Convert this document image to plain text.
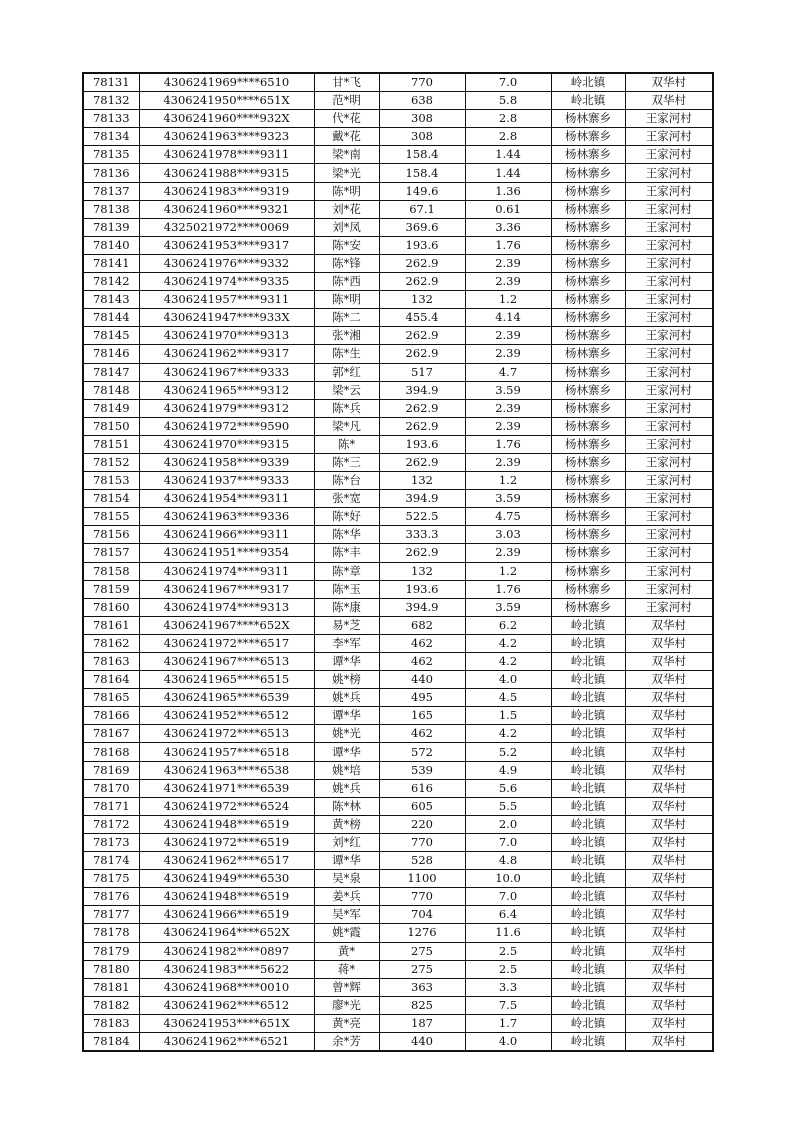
78131	4306241969****6510	甘*飞	770	7.0	岭北镇	双华村
78132	4306241950****651X	范*明	638	5.8	岭北镇	双华村
78133	4306241960****932X	代*花	308	2.8	杨林寨乡	王家河村
78134	4306241963****9323	戴*花	308	2.8	杨林寨乡	王家河村
78135	4306241978****9311	梁*南	158.4	1.44	杨林寨乡	王家河村
78136	4306241988****9315	梁*光	158.4	1.44	杨林寨乡	王家河村
78137	4306241983****9319	陈*明	149.6	1.36	杨林寨乡	王家河村
78138	4306241960****9321	刘*花	67.1	0.61	杨林寨乡	王家河村
78139	4325021972****0069	刘*凤	369.6	3.36	杨林寨乡	王家河村
78140	4306241953****9317	陈*安	193.6	1.76	杨林寨乡	王家河村
78141	4306241976****9332	陈*锋	262.9	2.39	杨林寨乡	王家河村
78142	4306241974****9335	陈*西	262.9	2.39	杨林寨乡	王家河村
78143	4306241957****9311	陈*明	132	1.2	杨林寨乡	王家河村
78144	4306241947****933X	陈*二	455.4	4.14	杨林寨乡	王家河村
78145	4306241970****9313	张*湘	262.9	2.39	杨林寨乡	王家河村
78146	4306241962****9317	陈*生	262.9	2.39	杨林寨乡	王家河村
78147	4306241967****9333	郭*红	517	4.7	杨林寨乡	王家河村
78148	4306241965****9312	梁*云	394.9	3.59	杨林寨乡	王家河村
78149	4306241979****9312	陈*兵	262.9	2.39	杨林寨乡	王家河村
78150	4306241972****9590	梁*凡	262.9	2.39	杨林寨乡	王家河村
78151	4306241970****9315	陈*	193.6	1.76	杨林寨乡	王家河村
78152	4306241958****9339	陈*三	262.9	2.39	杨林寨乡	王家河村
78153	4306241937****9333	陈*台	132	1.2	杨林寨乡	王家河村
78154	4306241954****9311	张*宽	394.9	3.59	杨林寨乡	王家河村
78155	4306241963****9336	陈*好	522.5	4.75	杨林寨乡	王家河村
78156	4306241966****9311	陈*华	333.3	3.03	杨林寨乡	王家河村
78157	4306241951****9354	陈*丰	262.9	2.39	杨林寨乡	王家河村
78158	4306241974****9311	陈*章	132	1.2	杨林寨乡	王家河村
78159	4306241967****9317	陈*玉	193.6	1.76	杨林寨乡	王家河村
78160	4306241974****9313	陈*康	394.9	3.59	杨林寨乡	王家河村
78161	4306241967****652X	易*芝	682	6.2	岭北镇	双华村
78162	4306241972****6517	李*军	462	4.2	岭北镇	双华村
78163	4306241967****6513	谭*华	462	4.2	岭北镇	双华村
78164	4306241965****6515	姚*榜	440	4.0	岭北镇	双华村
78165	4306241965****6539	姚*兵	495	4.5	岭北镇	双华村
78166	4306241952****6512	谭*华	165	1.5	岭北镇	双华村
78167	4306241972****6513	姚*光	462	4.2	岭北镇	双华村
78168	4306241957****6518	谭*华	572	5.2	岭北镇	双华村
78169	4306241963****6538	姚*培	539	4.9	岭北镇	双华村
78170	4306241971****6539	姚*兵	616	5.6	岭北镇	双华村
78171	4306241972****6524	陈*林	605	5.5	岭北镇	双华村
78172	4306241948****6519	黄*榜	220	2.0	岭北镇	双华村
78173	4306241972****6519	刘*红	770	7.0	岭北镇	双华村
78174	4306241962****6517	谭*华	528	4.8	岭北镇	双华村
78175	4306241949****6530	吴*泉	1100	10.0	岭北镇	双华村
78176	4306241948****6519	姜*兵	770	7.0	岭北镇	双华村
78177	4306241966****6519	吴*军	704	6.4	岭北镇	双华村
78178	4306241964****652X	姚*霞	1276	11.6	岭北镇	双华村
78179	4306241982****0897	黄*	275	2.5	岭北镇	双华村
78180	4306241983****5622	蒋*	275	2.5	岭北镇	双华村
78181	4306241968****0010	曾*辉	363	3.3	岭北镇	双华村
78182	4306241962****6512	廖*光	825	7.5	岭北镇	双华村
78183	4306241953****651X	黄*亮	187	1.7	岭北镇	双华村
78184	4306241962****6521	余*芳	440	4.0	岭北镇	双华村
